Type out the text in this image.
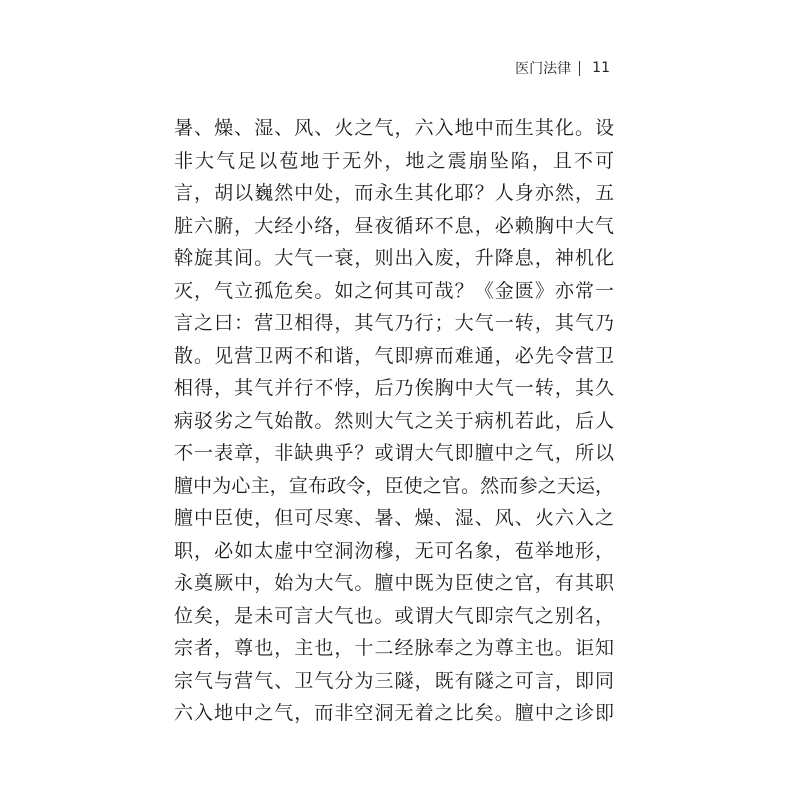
医门法律 11
暑、燥、湿、风、火之气，六入地中而生其化。设
非大气足以苞地于无外，地之震崩坠陷，且不可
言，胡以巍然中处，而永生其化耶？人身亦然，五
脏六腑，大经小络，昼夜循环不息，必赖胸中大气
斡旋其间。大气一衰，则出入废，升降息，神机化
灭，气立孤危矣。如之何其可哉？《金匮》亦常一
言之曰：营卫相得，其气乃行；大气一转，其气乃
散。见营卫两不和谐，气即痹而难通，必先令营卫
相得，其气并行不悖，后乃俟胸中大气一转，其久
病驳劣之气始散。然则大气之关于病机若此，后人
不一表章，非缺典乎？或谓大气即膻中之气，所以
膻中为心主，宣布政令，臣使之官。然而参之天运，
膻中臣使，但可尽寒、暑、燥、湿、风、火六入之
职，必如太虚中空洞沕穆，无可名象，苞举地形，
永奠厥中，始为大气。膻中既为臣使之官，有其职
位矣，是未可言大气也。或谓大气即宗气之别名，
宗者，尊也，主也，十二经脉奉之为尊主也。讵知
宗气与营气、卫气分为三隧，既有隧之可言，即同
六入地中之气，而非空洞无着之比矣。膻中之诊即
